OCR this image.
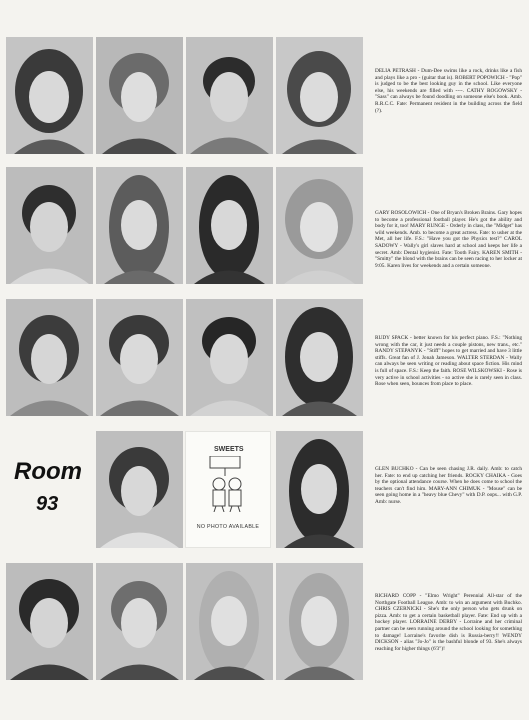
DELIA PETRASH - Dum-Dee swims like a rock, drinks like a fish and plays like a pro - (guitar that is). ROBERT POPOWICH - "Pop" is judged to be the best looking guy in the school. Like everyone else, his weekends are filled with ----. CATHY ROGOWSKY - "Sass" can always be found doodling on someone else's book. Amb. R.R.C.C. Fate: Permanent resident in the building across the field (?).

GARY ROSOLOWICH - One of Bryan's Broken Brains. Gary hopes to become a professional football player. He's got the ability and body for it, too! MARY RUNGE - Orderly in class, the "Midget" has wild weekends. Amb. to become a great actress. Fate: to usher at the Met, all her life. F.S.: "Have you got the Physics test?" CAROL SADOWY - Wally's girl slaves hard at school and keeps her life a secret. Amb: Dental hygienist. Fate: Tooth Fairy. KAREN SMITH - "Smitty" the blond with the brains can be seen racing to her locker at 9:05. Karen lives for weekends and a certain someone.

RUDY SPACK - better known for his perfect piano. F.S.: "Nothing wrong with the car, it just needs a couple pistons, new trans., etc." RANDY STEPANYK - "Stiff" hopes to get married and have 3 little stiffs. Great fan of J. Jonah Jameson. WALTER STERDAN - Wally can always be seen writing or reading about space fiction. His mind is full of space. F.S.: Keep the faith. ROSE WILSKOWSKI - Rose is very active in school activities - so active she is rarely seen in class. Rose when seen, bounces from place to place.

Room
93
SWEETS
NO PHOTO AVAILABLE

GLEN BUCHKO - Can be seen chasing J.R. daily. Amb: to catch her. Fate: to end up catching her friends. ROCKY CHAIKA - Goes by the optional attendance course. When he does come to school the teachers can't find him. MARY-ANN CHIMUK - "Mouse" can be seen going home in a "heavy blue Chevy" with D.P. oops... with G.P. Amb: nurse.

RICHARD COPP - "Elmo Wright" Perennial All-star of the Northgate Football League. Amb: to win an argument with Buchko. CHRIS CZERNICKI - She's the only person who gets drunk on pizza. Amb: to get a certain basketball player. Fate: End up with a hockey player. LORRAINE DERBY - Lorraine and her criminal partner can be seen running around the school looking for something to damage! Lorraine's favorite dish is Russia-berry!! WENDY DICKSON - alias "Jo-Jo" is the bashful blonde of 93. She's always reaching for higher things (6'3")!
